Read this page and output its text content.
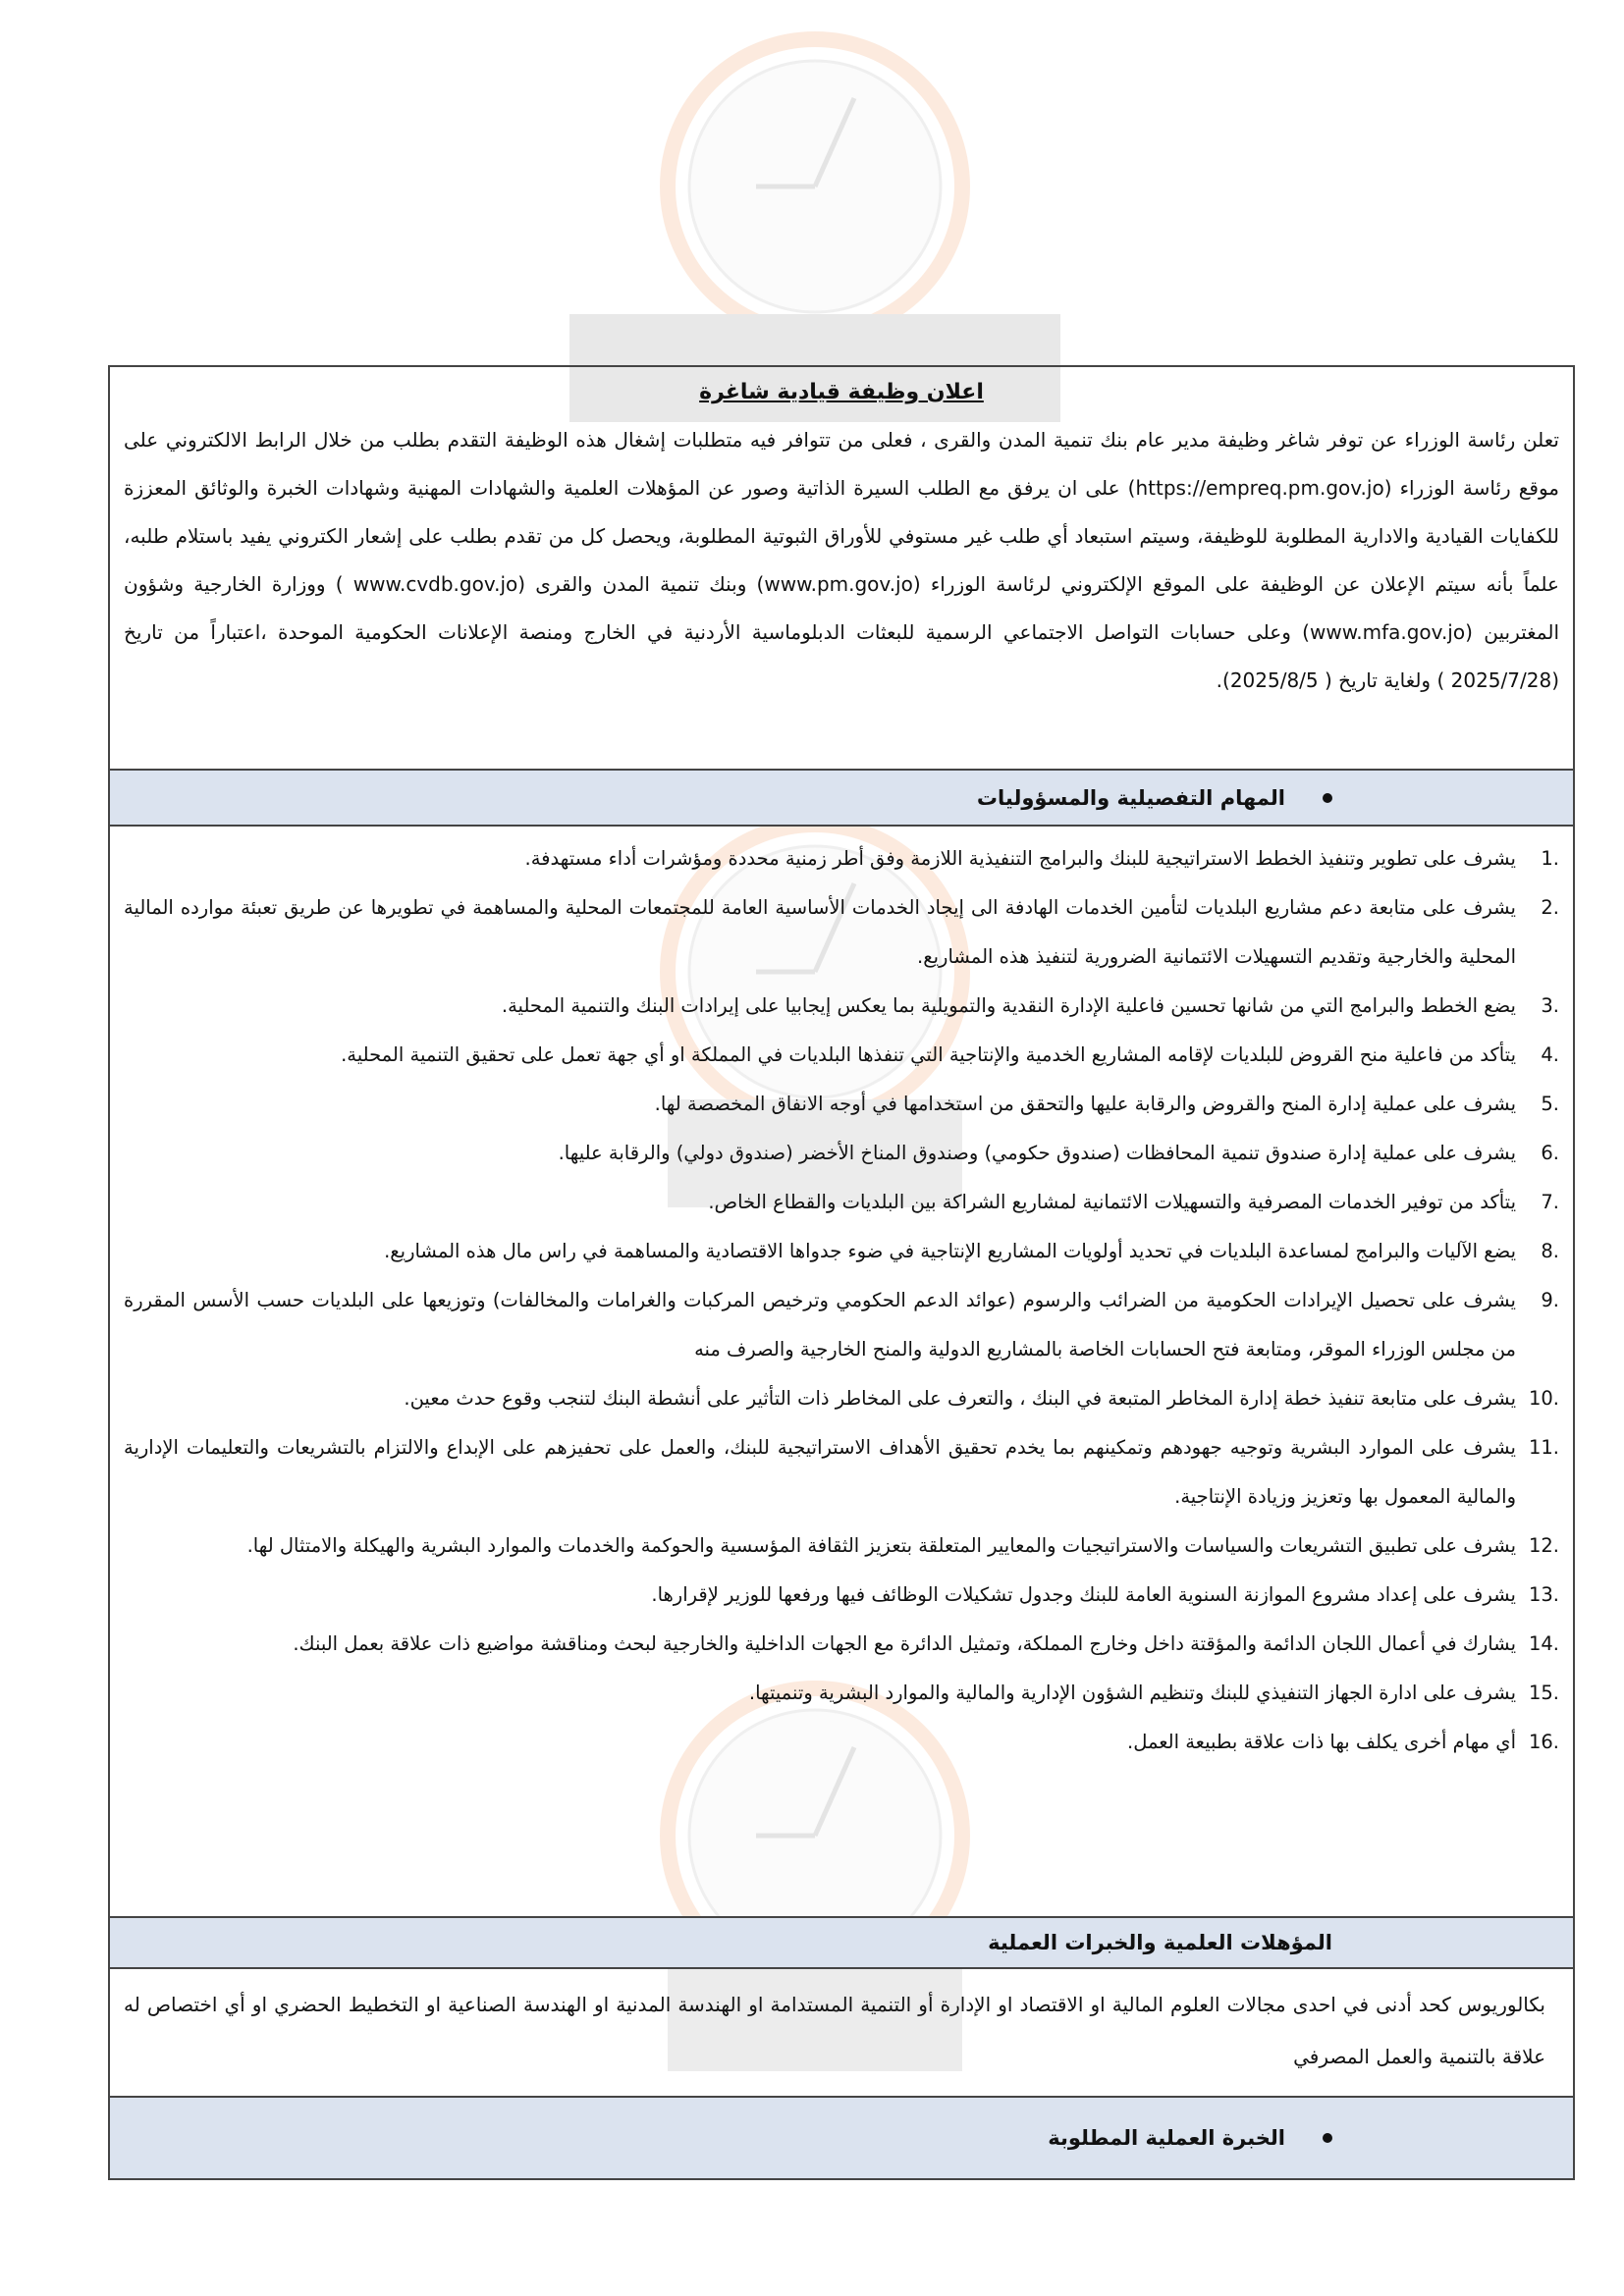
اعلان وظيفة قيادية شاغرة

تعلن رئاسة الوزراء عن توفر شاغر وظيفة مدير عام بنك تنمية المدن والقرى ، فعلى من تتوافر فيه متطلبات إشغال هذه الوظيفة التقدم بطلب من خلال الرابط الالكتروني على موقع رئاسة الوزراء (https://empreq.pm.gov.jo) على ان يرفق مع الطلب السيرة الذاتية وصور عن المؤهلات العلمية والشهادات المهنية وشهادات الخبرة والوثائق المعززة للكفايات القيادية والادارية المطلوبة للوظيفة، وسيتم استبعاد أي طلب غير مستوفي للأوراق الثبوتية المطلوبة، ويحصل كل من تقدم بطلب على إشعار الكتروني يفيد باستلام طلبه، علماً بأنه سيتم الإعلان عن الوظيفة على الموقع الإلكتروني لرئاسة الوزراء (www.pm.gov.jo) وبنك تنمية المدن والقرى (www.cvdb.gov.jo ) ووزارة الخارجية وشؤون المغتربين (www.mfa.gov.jo) وعلى حسابات التواصل الاجتماعي الرسمية للبعثات الدبلوماسية الأردنية في الخارج ومنصة الإعلانات الحكومية الموحدة ،اعتباراً من تاريخ (2025/7/28 ) ولغاية تاريخ ( 2025/8/5).

المهام التفصيلية والمسؤوليات
1.
يشرف على تطوير وتنفيذ الخطط الاستراتيجية للبنك والبرامج التنفيذية اللازمة وفق أطر زمنية محددة ومؤشرات أداء مستهدفة.
2.
يشرف على متابعة دعم مشاريع البلديات لتأمين الخدمات الهادفة الى إيجاد الخدمات الأساسية العامة للمجتمعات المحلية والمساهمة في تطويرها عن طريق تعبئة موارده المالية المحلية والخارجية وتقديم التسهيلات الائتمانية الضرورية لتنفيذ هذه المشاريع.
3.
يضع الخطط والبرامج التي من شانها تحسين فاعلية الإدارة النقدية والتمويلية بما يعكس إيجابيا على إيرادات البنك والتنمية المحلية.
4.
يتأكد من فاعلية منح القروض للبلديات لإقامه المشاريع الخدمية والإنتاجية التي تنفذها البلديات في المملكة او أي جهة تعمل على تحقيق التنمية المحلية.
5.
يشرف على عملية إدارة المنح والقروض والرقابة عليها والتحقق من استخدامها في أوجه الانفاق المخصصة لها.
6.
يشرف على عملية إدارة صندوق تنمية المحافظات (صندوق حكومي) وصندوق المناخ الأخضر (صندوق دولي) والرقابة عليها.
7.
يتأكد من توفير الخدمات المصرفية والتسهيلات الائتمانية لمشاريع الشراكة بين البلديات والقطاع الخاص.
8.
يضع الآليات والبرامج لمساعدة البلديات في تحديد أولويات المشاريع الإنتاجية في ضوء جدواها الاقتصادية والمساهمة في راس مال هذه المشاريع.
9.
يشرف على تحصيل الإيرادات الحكومية من الضرائب والرسوم (عوائد الدعم الحكومي وترخيص المركبات والغرامات والمخالفات) وتوزيعها على البلديات حسب الأسس المقررة من مجلس الوزراء الموقر، ومتابعة فتح الحسابات الخاصة بالمشاريع الدولية والمنح الخارجية والصرف منه
10.
يشرف على متابعة تنفيذ خطة إدارة المخاطر المتبعة في البنك ، والتعرف على المخاطر ذات التأثير على أنشطة البنك لتنجب وقوع حدث معين.
11.
يشرف على الموارد البشرية وتوجيه جهودهم وتمكينهم بما يخدم تحقيق الأهداف الاستراتيجية للبنك، والعمل على تحفيزهم على الإبداع والالتزام بالتشريعات والتعليمات الإدارية والمالية المعمول بها وتعزيز وزيادة الإنتاجية.
12.
يشرف على تطبيق التشريعات والسياسات والاستراتيجيات والمعايير المتعلقة بتعزيز الثقافة المؤسسية والحوكمة والخدمات والموارد البشرية والهيكلة والامتثال لها.
13.
يشرف على إعداد مشروع الموازنة السنوية العامة للبنك وجدول تشكيلات الوظائف فيها ورفعها للوزير لإقرارها.
14.
يشارك في أعمال اللجان الدائمة والمؤقتة داخل وخارج المملكة، وتمثيل الدائرة مع الجهات الداخلية والخارجية لبحث ومناقشة مواضيع ذات علاقة بعمل البنك.
15.
يشرف على ادارة الجهاز التنفيذي للبنك وتنظيم الشؤون الإدارية والمالية والموارد البشرية وتنميتها.
16.
أي مهام أخرى يكلف بها ذات علاقة بطبيعة العمل.
المؤهلات العلمية والخبرات العملية

بكالوريوس كحد أدنى في احدى مجالات العلوم المالية او الاقتصاد او الإدارة أو التنمية المستدامة او الهندسة المدنية او الهندسة الصناعية او التخطيط الحضري او أي اختصاص له علاقة بالتنمية والعمل المصرفي

الخبرة العملية المطلوبة
